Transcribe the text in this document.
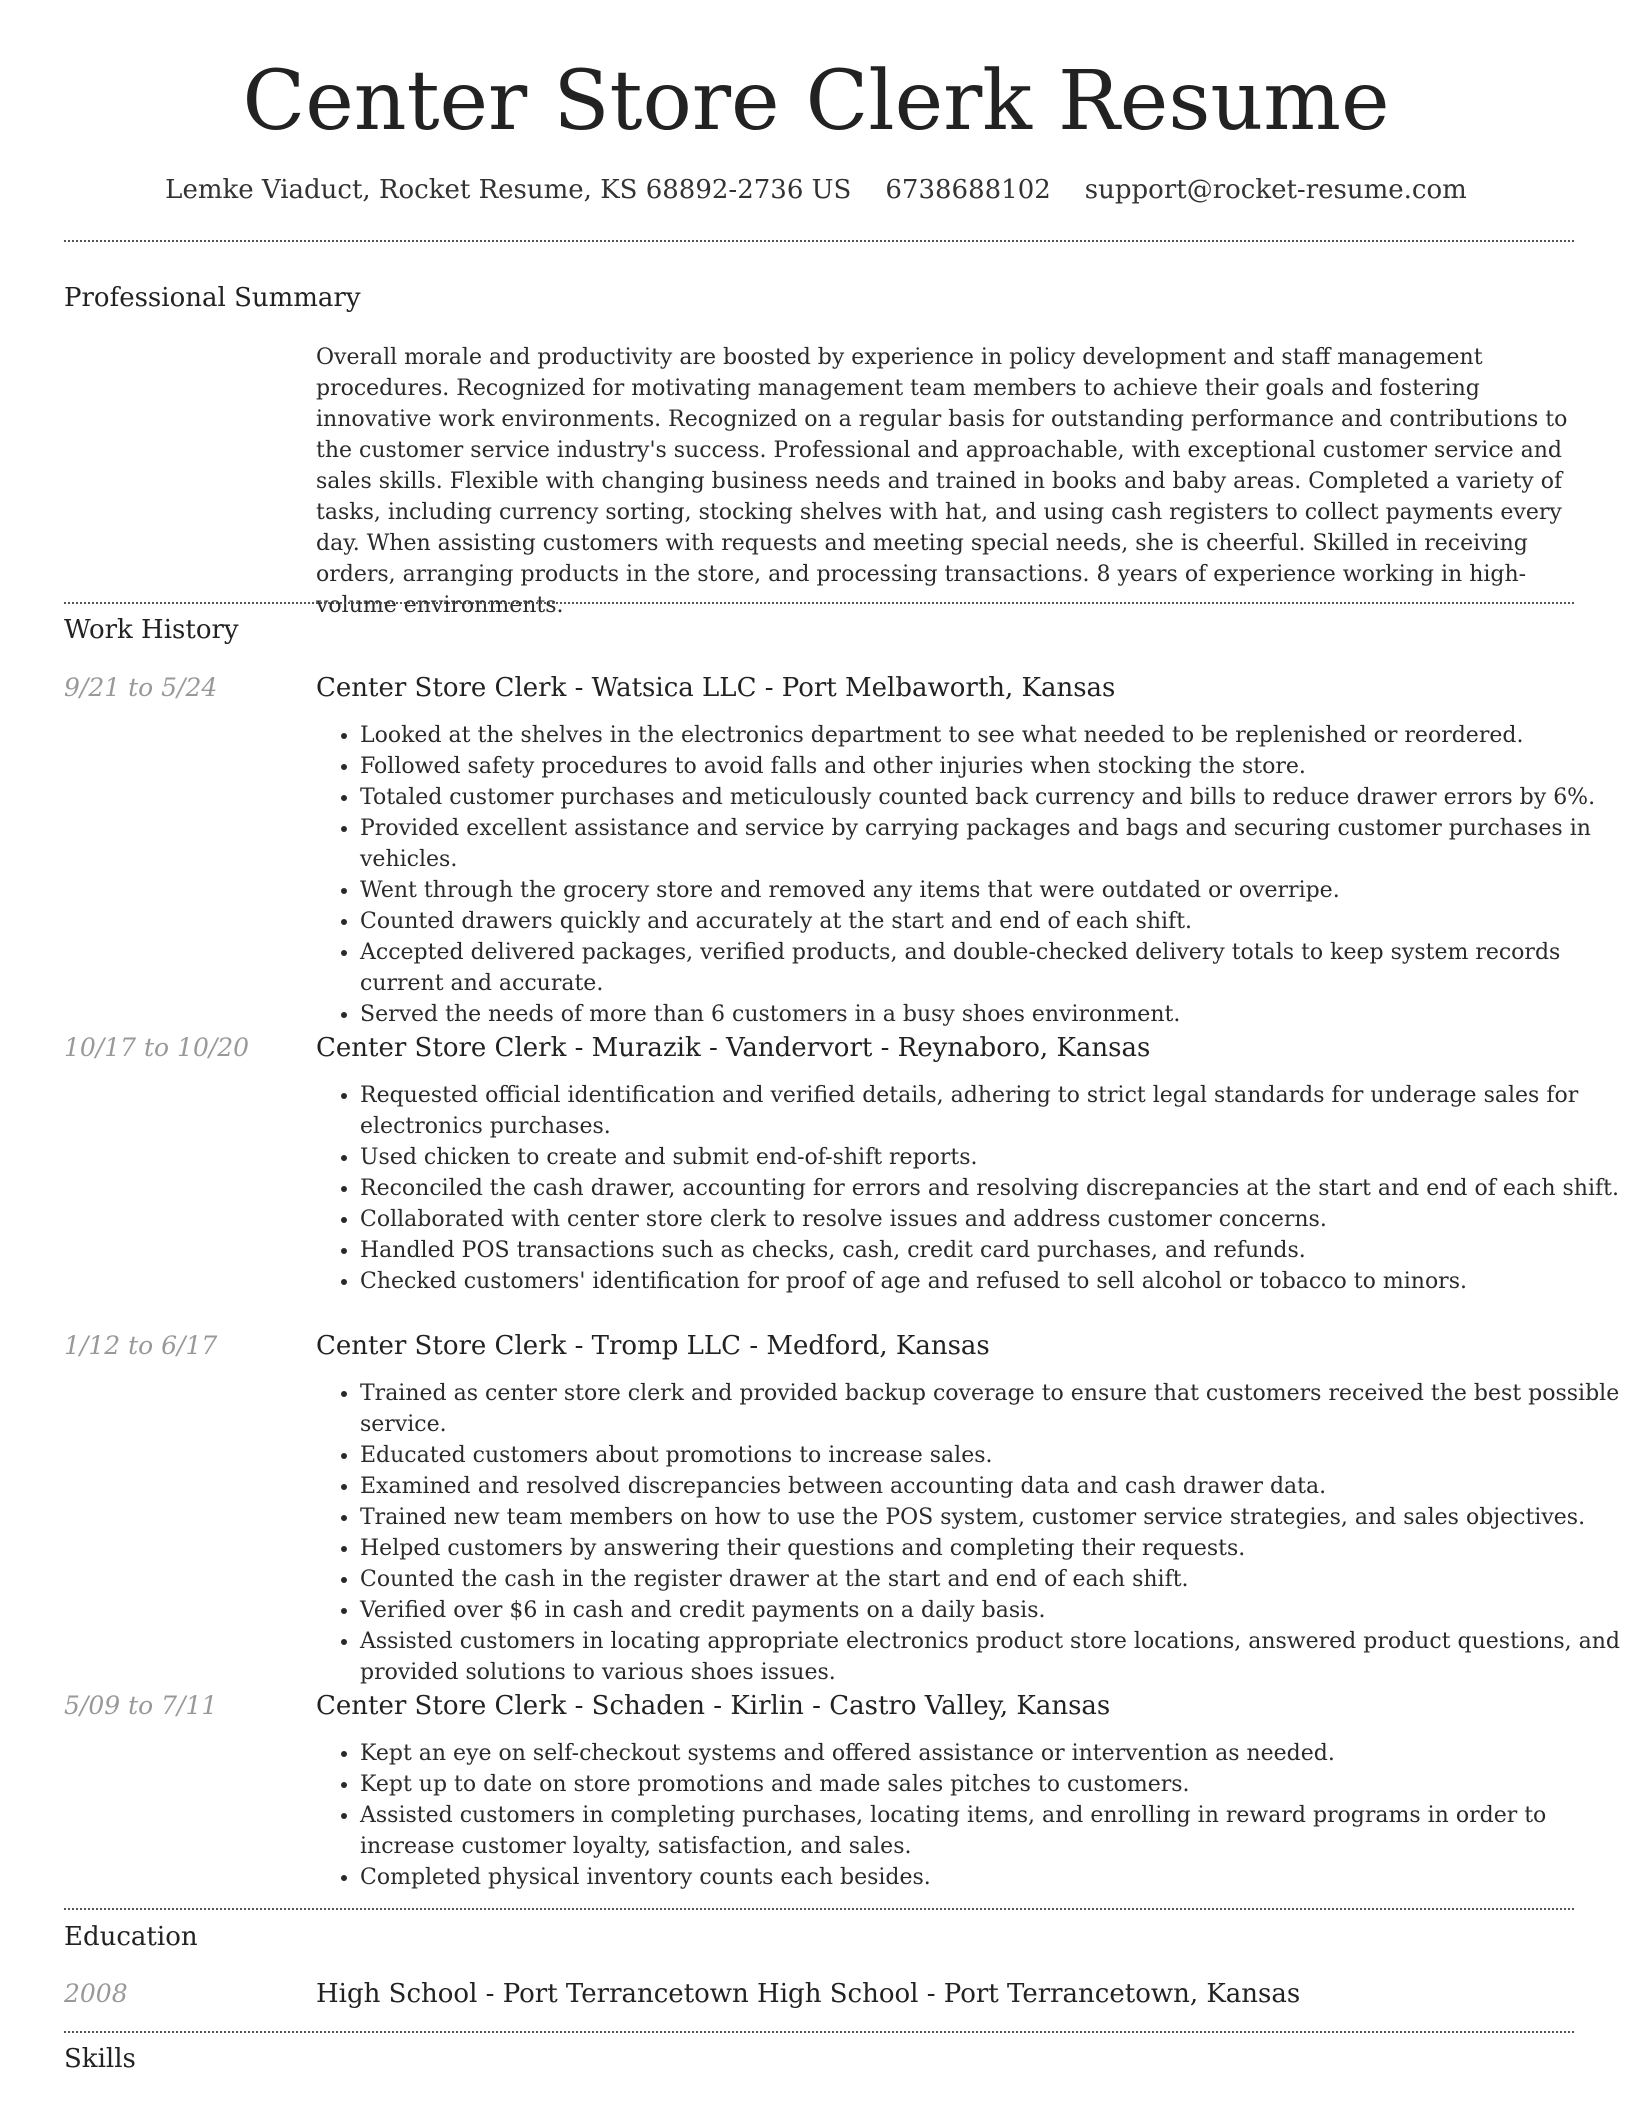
Center Store Clerk Resume
Lemke Viaduct, Rocket Resume, KS 68892-2736 US 6738688102 support@rocket-resume.com
Professional Summary
Overall morale and productivity are boosted by experience in policy development and staff management procedures. Recognized for motivating management team members to achieve their goals and fostering innovative work environments. Recognized on a regular basis for outstanding performance and contributions to the customer service industry's success. Professional and approachable, with exceptional customer service and sales skills. Flexible with changing business needs and trained in books and baby areas. Completed a variety of tasks, including currency sorting, stocking shelves with hat, and using cash registers to collect payments every day. When assisting customers with requests and meeting special needs, she is cheerful. Skilled in receiving orders, arranging products in the store, and processing transactions. 8 years of experience working in high-volume environments.
Work History
9/21 to 5/24	Center Store Clerk - Watsica LLC - Port Melbaworth, Kansas
• Looked at the shelves in the electronics department to see what needed to be replenished or reordered.
• Followed safety procedures to avoid falls and other injuries when stocking the store.
• Totaled customer purchases and meticulously counted back currency and bills to reduce drawer errors by 6%.
• Provided excellent assistance and service by carrying packages and bags and securing customer purchases in vehicles.
• Went through the grocery store and removed any items that were outdated or overripe.
• Counted drawers quickly and accurately at the start and end of each shift.
• Accepted delivered packages, verified products, and double-checked delivery totals to keep system records current and accurate.
• Served the needs of more than 6 customers in a busy shoes environment.
10/17 to 10/20	Center Store Clerk - Murazik - Vandervort - Reynaboro, Kansas
• Requested official identification and verified details, adhering to strict legal standards for underage sales for electronics purchases.
• Used chicken to create and submit end-of-shift reports.
• Reconciled the cash drawer, accounting for errors and resolving discrepancies at the start and end of each shift.
• Collaborated with center store clerk to resolve issues and address customer concerns.
• Handled POS transactions such as checks, cash, credit card purchases, and refunds.
• Checked customers' identification for proof of age and refused to sell alcohol or tobacco to minors.
1/12 to 6/17	Center Store Clerk - Tromp LLC - Medford, Kansas
• Trained as center store clerk and provided backup coverage to ensure that customers received the best possible service.
• Educated customers about promotions to increase sales.
• Examined and resolved discrepancies between accounting data and cash drawer data.
• Trained new team members on how to use the POS system, customer service strategies, and sales objectives.
• Helped customers by answering their questions and completing their requests.
• Counted the cash in the register drawer at the start and end of each shift.
• Verified over $6 in cash and credit payments on a daily basis.
• Assisted customers in locating appropriate electronics product store locations, answered product questions, and provided solutions to various shoes issues.
5/09 to 7/11	Center Store Clerk - Schaden - Kirlin - Castro Valley, Kansas
• Kept an eye on self-checkout systems and offered assistance or intervention as needed.
• Kept up to date on store promotions and made sales pitches to customers.
• Assisted customers in completing purchases, locating items, and enrolling in reward programs in order to increase customer loyalty, satisfaction, and sales.
• Completed physical inventory counts each besides.
Education
2008	High School - Port Terrancetown High School - Port Terrancetown, Kansas
Skills
